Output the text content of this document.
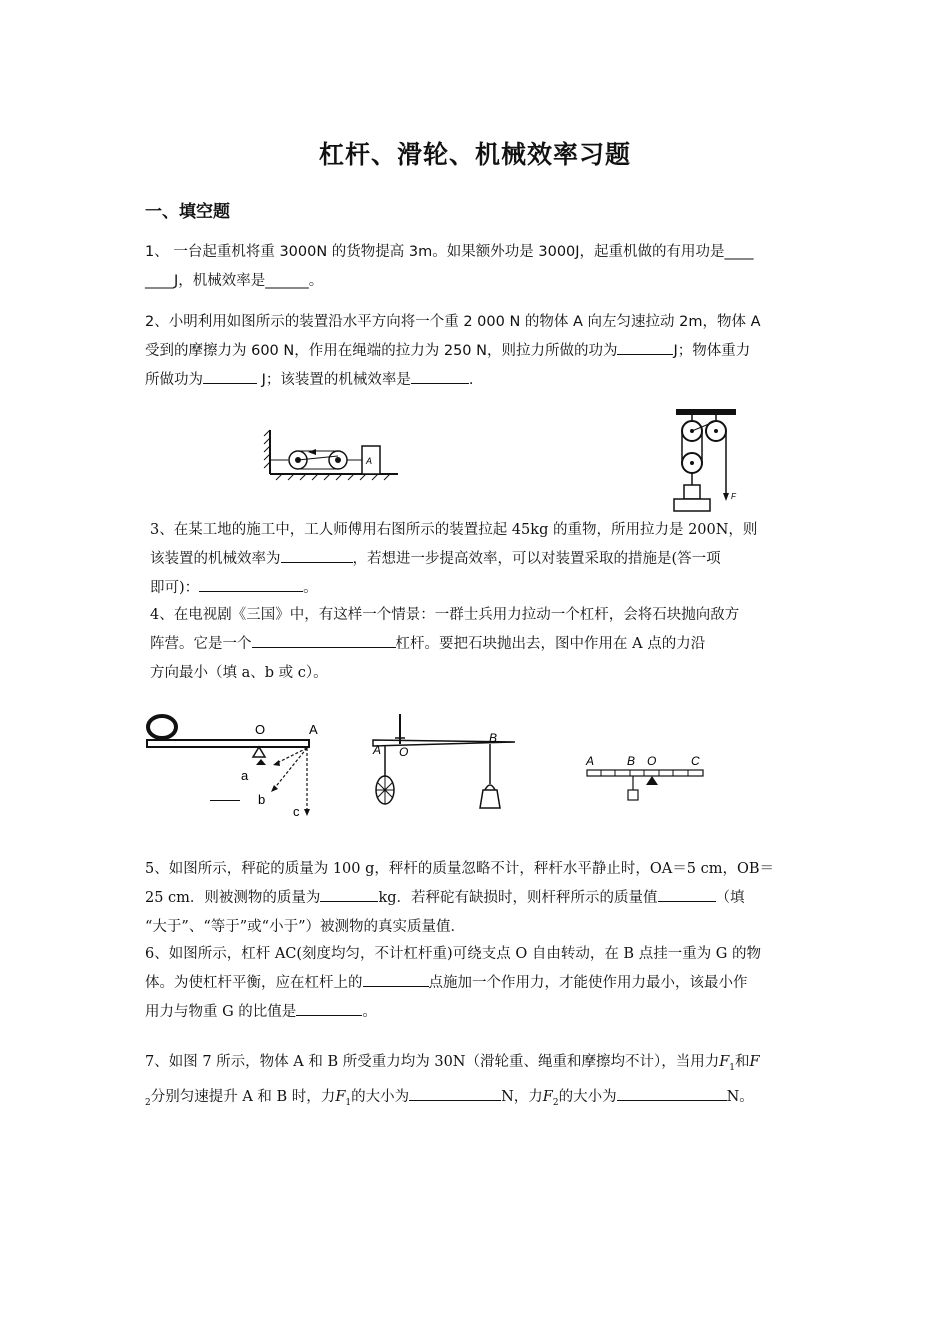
杠杆、滑轮、机械效率习题
一、填空题
1、 一台起重机将重 3000N 的货物提高 3m。如果额外功是 3000J，起重机做的有用功是____
____J，机械效率是______。
2、小明利用如图所示的装置沿水平方向将一个重 2 000 N 的物体 A 向左匀速拉动 2m，物体 A
受到的摩擦力为 600 N，作用在绳端的拉力为 250 N，则拉力所做的功为	J；物体重力
所做功为	J；该装置的机械效率是	.
A
F
3、在某工地的施工中，工人师傅用右图所示的装置拉起 45kg 的重物，所用拉力是 200N，则
该装置的机械效率为	，若想进一步提高效率，可以对装置采取的措施是(答一项
即可)：	。
4、在电视剧《三国》中，有这样一个情景：一群士兵用力拉动一个杠杆，会将石块抛向敌方
阵营。它是一个	杠杆。要把石块抛出去，图中作用在 A 点的力沿
方向最小（填 a、b 或 c）。
O	A
a
b
c
A O
B
A	B O	C
5、如图所示，秤砣的质量为 100 g，秤杆的质量忽略不计，秤杆水平静止时，OA＝5 cm，OB＝
25 cm．则被测物的质量为	kg．若秤砣有缺损时，则杆秤所示的质量值	（填
“大于”、“等于”或“小于”）被测物的真实质量值．
6、如图所示，杠杆 AC(刻度均匀，不计杠杆重)可绕支点 O 自由转动，在 B 点挂一重为 G 的物
体。为使杠杆平衡，应在杠杆上的	点施加一个作用力，才能使作用力最小，该最小作
用力与物重 G 的比值是	。
7、如图 7 所示，物体 A 和 B 所受重力均为 30N（滑轮重、绳重和摩擦均不计），当用力$F_1$和F
$_2$分别匀速提升 A 和 B 时，力$F_1$的大小为	N，力$F_2$的大小为	N。
